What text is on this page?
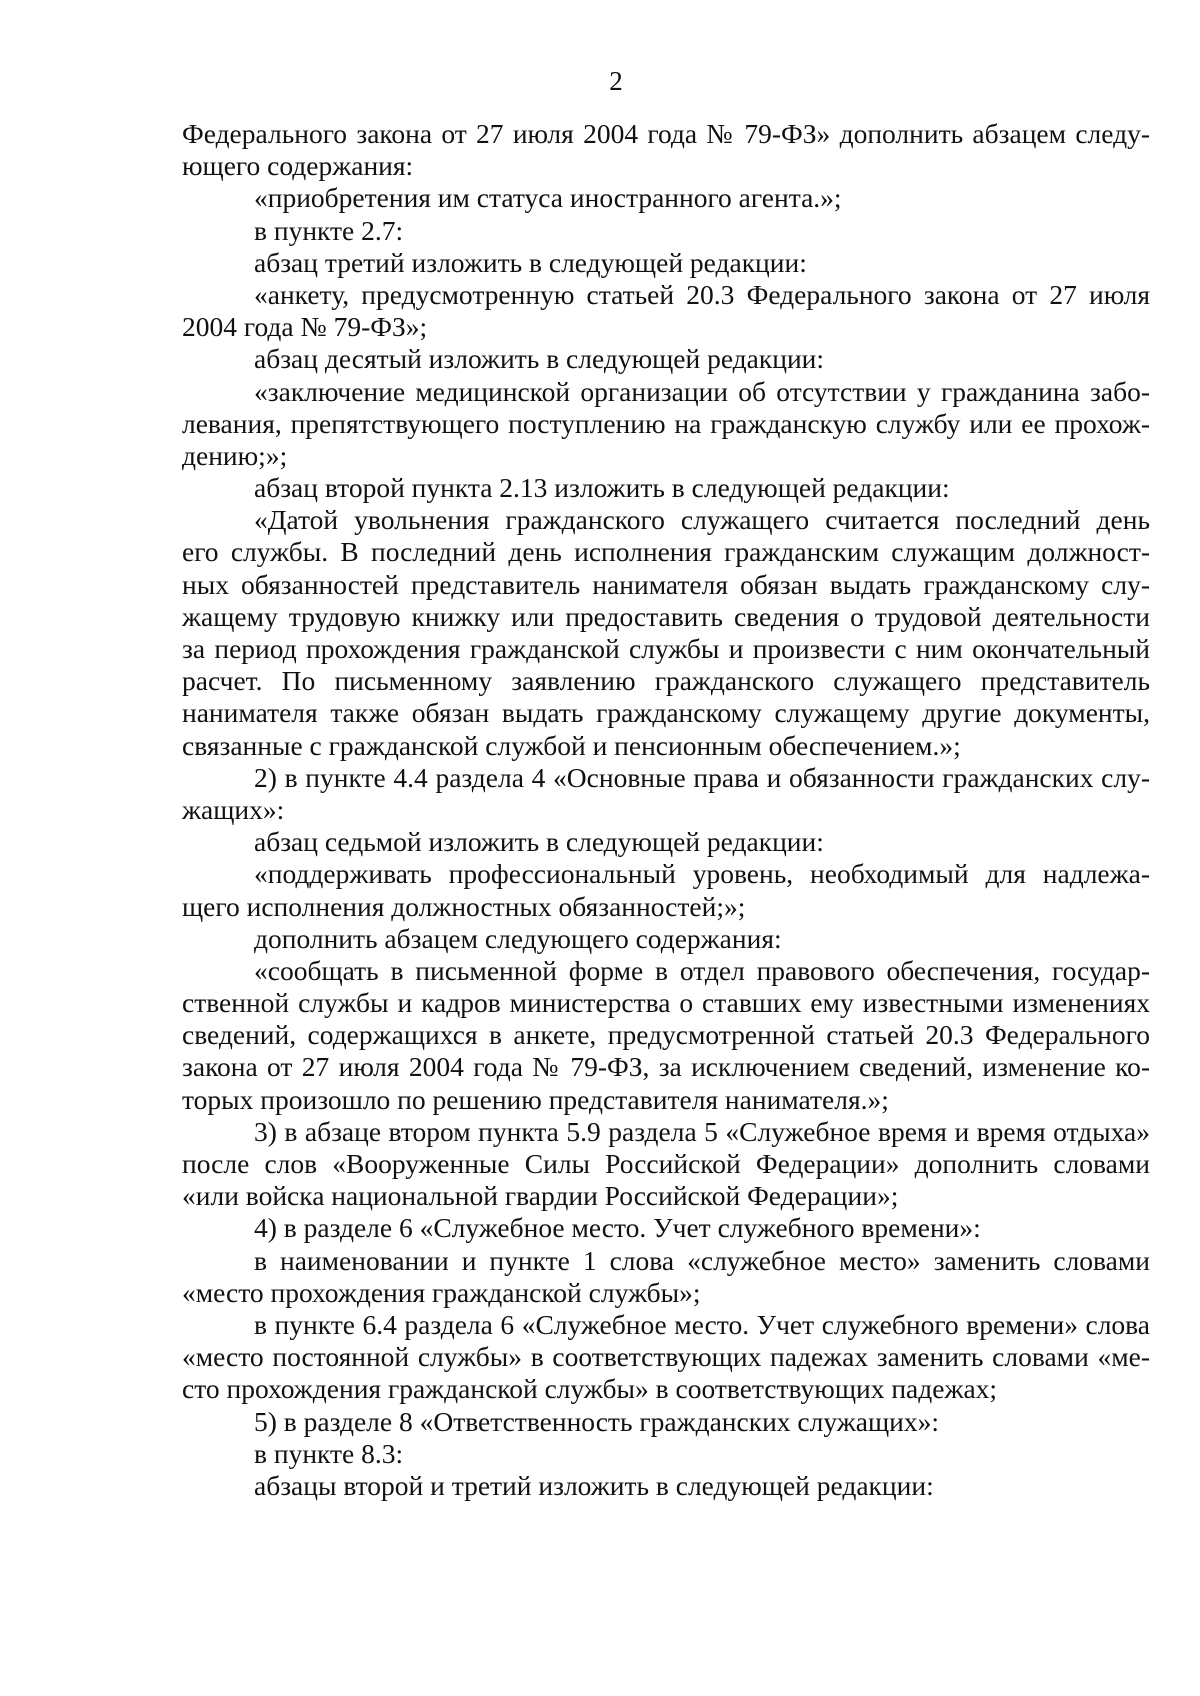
2
Федерального закона от 27 июля 2004 года № 79-ФЗ» дополнить абзацем следу-
ющего содержания:
«приобретения им статуса иностранного агента.»;
в пункте 2.7:
абзац третий изложить в следующей редакции:
«анкету, предусмотренную статьей 20.3 Федерального закона от 27 июля
2004 года № 79-ФЗ»;
абзац десятый изложить в следующей редакции:
«заключение медицинской организации об отсутствии у гражданина забо-
левания, препятствующего поступлению на гражданскую службу или ее прохож-
дению;»;
абзац второй пункта 2.13 изложить в следующей редакции:
«Датой увольнения гражданского служащего считается последний день
его службы. В последний день исполнения гражданским служащим должност-
ных обязанностей представитель нанимателя обязан выдать гражданскому слу-
жащему трудовую книжку или предоставить сведения о трудовой деятельности
за период прохождения гражданской службы и произвести с ним окончательный
расчет. По письменному заявлению гражданского служащего представитель
нанимателя также обязан выдать гражданскому служащему другие документы,
связанные с гражданской службой и пенсионным обеспечением.»;
2) в пункте 4.4 раздела 4 «Основные права и обязанности гражданских слу-
жащих»:
абзац седьмой изложить в следующей редакции:
«поддерживать профессиональный уровень, необходимый для надлежа-
щего исполнения должностных обязанностей;»;
дополнить абзацем следующего содержания:
«сообщать в письменной форме в отдел правового обеспечения, государ-
ственной службы и кадров министерства о ставших ему известными изменениях
сведений, содержащихся в анкете, предусмотренной статьей 20.3 Федерального
закона от 27 июля 2004 года № 79-ФЗ, за исключением сведений, изменение ко-
торых произошло по решению представителя нанимателя.»;
3) в абзаце втором пункта 5.9 раздела 5 «Служебное время и время отдыха»
после слов «Вооруженные Силы Российской Федерации» дополнить словами
«или войска национальной гвардии Российской Федерации»;
4) в разделе 6 «Служебное место. Учет служебного времени»:
в наименовании и пункте 1 слова «служебное место» заменить словами
«место прохождения гражданской службы»;
в пункте 6.4 раздела 6 «Служебное место. Учет служебного времени» слова
«место постоянной службы» в соответствующих падежах заменить словами «ме-
сто прохождения гражданской службы» в соответствующих падежах;
5) в разделе 8 «Ответственность гражданских служащих»:
в пункте 8.3:
абзацы второй и третий изложить в следующей редакции:
